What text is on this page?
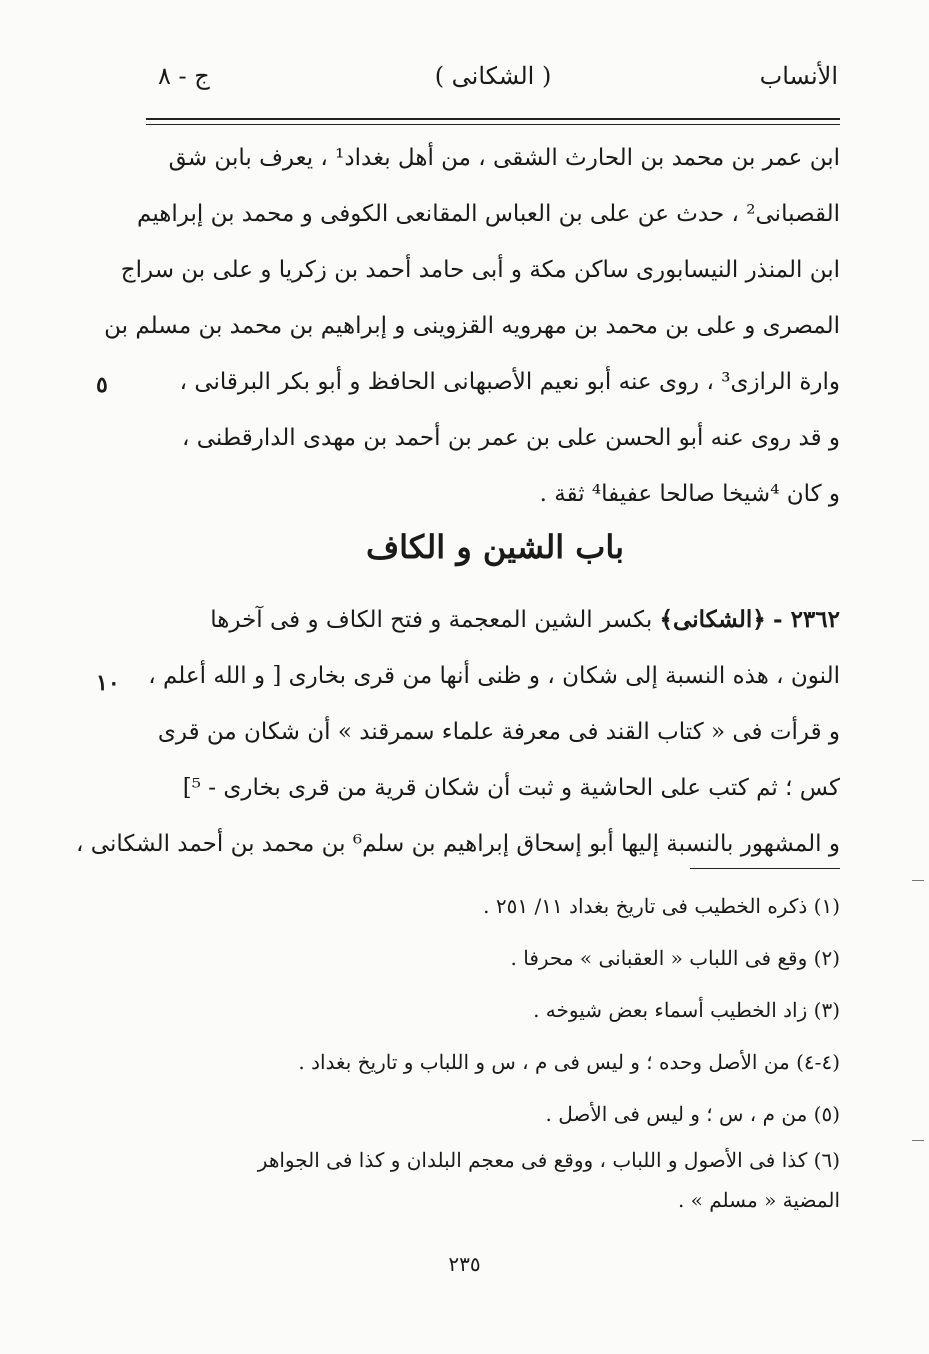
الأنساب
( الشكانى )
ج - ٨
ابن عمر بن محمد بن الحارث الشقى ، من أهل بغداد¹ ، يعرف بابن شق
القصبانى² ، حدث عن على بن العباس المقانعى الكوفى و محمد بن إبراهيم
ابن المنذر النيسابورى ساكن مكة و أبى حامد أحمد بن زكريا و على بن سراج
المصرى و على بن محمد بن مهرويه القزوينى و إبراهيم بن محمد بن مسلم بن
وارة الرازى³ ، روى عنه أبو نعيم الأصبهانى الحافظ و أبو بكر البرقانى ،
و قد روى عنه أبو الحسن على بن عمر بن أحمد بن مهدى الدارقطنى ،
و كان ⁴شيخا صالحا عفيفا⁴ ثقة .
٥
باب الشين و الكاف
٢٣٦٢ - ﴿الشكانى﴾ بكسر الشين المعجمة و فتح الكاف و فى آخرها
النون ، هذه النسبة إلى شكان ، و ظنى أنها من قرى بخارى [ و الله أعلم ،
و قرأت فى « كتاب القند فى معرفة علماء سمرقند » أن شكان من قرى
كس ؛ ثم كتب على الحاشية و ثبت أن شكان قرية من قرى بخارى - ⁵]
و المشهور بالنسبة إليها أبو إسحاق إبراهيم بن سلم⁶ بن محمد بن أحمد الشكانى ،
١٠
(١) ذكره الخطيب فى تاريخ بغداد ١١/ ٢٥١ .
(٢) وقع فى اللباب « العقبانى » محرفا .
(٣) زاد الخطيب أسماء بعض شيوخه .
(٤-٤) من الأصل وحده ؛ و ليس فى م ، س و اللباب و تاريخ بغداد .
(٥) من م ، س ؛ و ليس فى الأصل .
(٦) كذا فى الأصول و اللباب ، ووقع فى معجم البلدان و كذا فى الجواهر
المضية « مسلم » .
٢٣٥
